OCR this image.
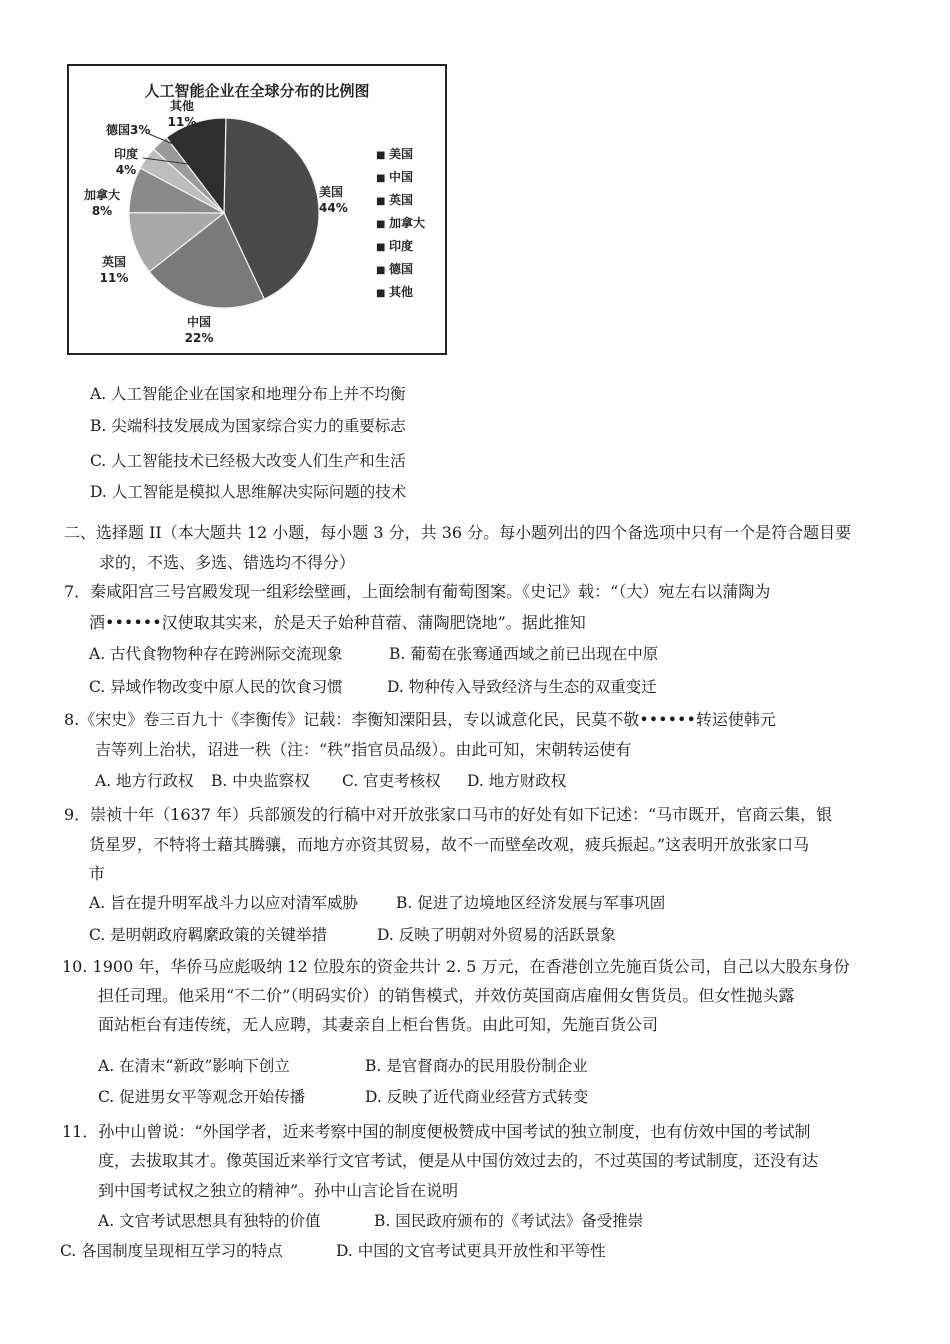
人工智能企业在全球分布的比例图
美国
44%
中国
22%
英国
11%
加拿大
8%
印度
4%
德国3%
其他
11%
■ 美国
■ 中国
■ 英国
■ 加拿大
■ 印度
■ 德国
■ 其他
A. 人工智能企业在国家和地理分布上并不均衡
B. 尖端科技发展成为国家综合实力的重要标志
C. 人工智能技术已经极大改变人们生产和生活
D. 人工智能是模拟人思维解决实际问题的技术
二、选择题 II（本大题共 12 小题，每小题 3 分，共 36 分。每小题列出的四个备选项中只有一个是符合题目要
求的，不选、多选、错选均不得分）
7．秦咸阳宫三号宫殿发现一组彩绘壁画，上面绘制有葡萄图案。《史记》载：“（大）宛左右以蒲陶为
酒••••••汉使取其实来，於是天子始种苜蓿、蒲陶肥饶地”。据此推知
A. 古代食物物种存在跨洲际交流现象	B. 葡萄在张骞通西域之前已出现在中原
C. 异域作物改变中原人民的饮食习惯	D. 物种传入导致经济与生态的双重变迁
8.《宋史》卷三百九十《李衡传》记载：李衡知溧阳县，专以诚意化民，民莫不敬••••••转运使韩元
吉等列上治状，诏进一秩（注：“秩”指官员品级）。由此可知，宋朝转运使有
A. 地方行政权 B. 中央监察权 C. 官吏考核权 D. 地方财政权
9．崇祯十年（1637 年）兵部颁发的行稿中对开放张家口马市的好处有如下记述：“马市既开，官商云集，银
货星罗，不特将士藉其腾骧，而地方亦资其贸易，故不一而壁垒改观，疲兵振起。”这表明开放张家口马
市
A. 旨在提升明军战斗力以应对清军威胁 B. 促进了边境地区经济发展与军事巩固
C. 是明朝政府羁縻政策的关键举措	D. 反映了明朝对外贸易的活跃景象
10. 1900 年，华侨马应彪吸纳 12 位股东的资金共计 2. 5 万元，在香港创立先施百货公司，自己以大股东身份
担任司理。他采用“不二价”（明码实价）的销售模式，并效仿英国商店雇佣女售货员。但女性抛头露
面站柜台有违传统，无人应聘，其妻亲自上柜台售货。由此可知，先施百货公司
A. 在清末“新政”影响下创立	B. 是官督商办的民用股份制企业
C. 促进男女平等观念开始传播	D. 反映了近代商业经营方式转变
11．孙中山曾说：“外国学者，近来考察中国的制度便极赞成中国考试的独立制度，也有仿效中国的考试制
度，去拔取其才。像英国近来举行文官考试，便是从中国仿效过去的，不过英国的考试制度，还没有达
到中国考试权之独立的精神”。孙中山言论旨在说明
A. 文官考试思想具有独特的价值	B. 国民政府颁布的《考试法》备受推崇
C. 各国制度呈现相互学习的特点	D. 中国的文官考试更具开放性和平等性
